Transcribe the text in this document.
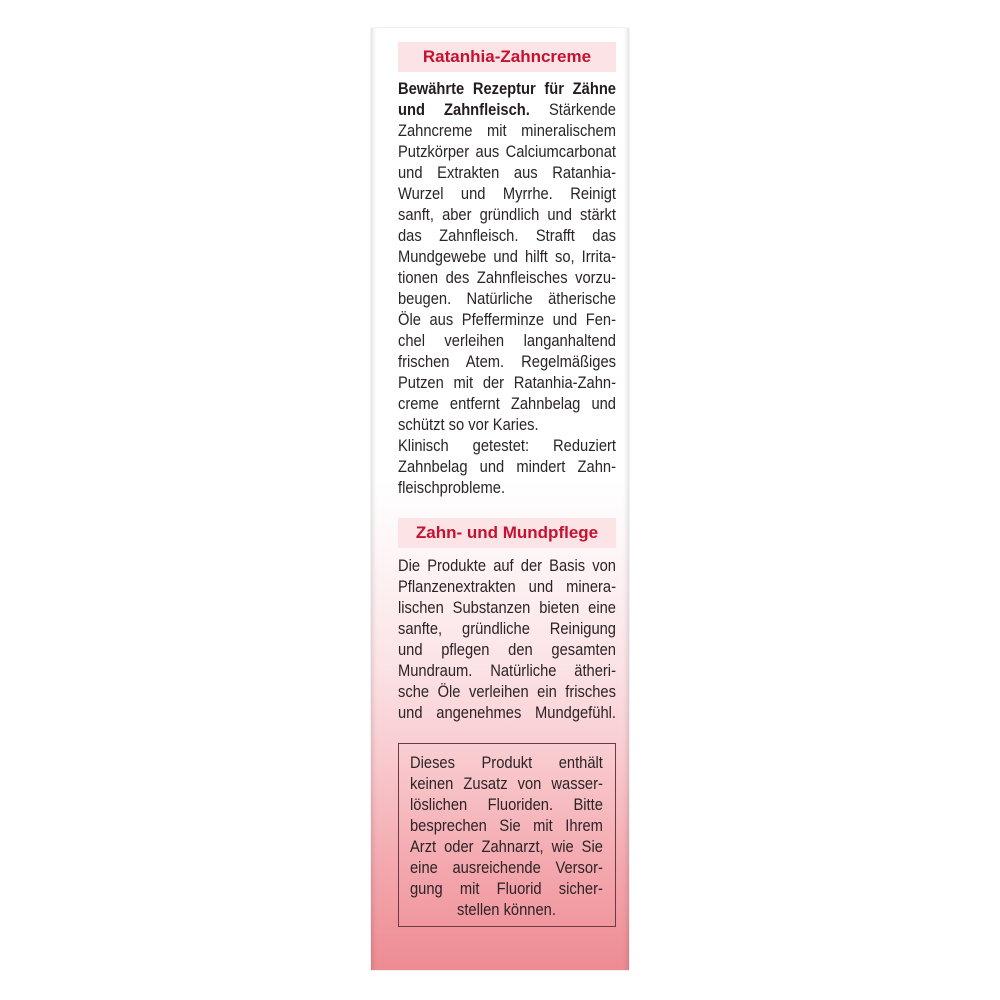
Ratanhia-Zahncreme
Bewährte Rezeptur für Zähne
und Zahnfleisch. Stärkende
Zahncreme mit mineralischem
Putzkörper aus Calciumcarbonat
und Extrakten aus Ratanhia-
Wurzel und Myrrhe. Reinigt
sanft, aber gründlich und stärkt
das Zahnfleisch. Strafft das
Mundgewebe und hilft so, Irrita-
tionen des Zahnfleisches vorzu-
beugen. Natürliche ätherische
Öle aus Pfefferminze und Fen-
chel verleihen langanhaltend
frischen Atem. Regelmäßiges
Putzen mit der Ratanhia-Zahn-
creme entfernt Zahnbelag und
schützt so vor Karies.
Klinisch getestet: Reduziert
Zahnbelag und mindert Zahn-
fleischprobleme.
Zahn- und Mundpflege
Die Produkte auf der Basis von
Pflanzenextrakten und minera-
lischen Substanzen bieten eine
sanfte, gründliche Reinigung
und pflegen den gesamten
Mundraum. Natürliche ätheri-
sche Öle verleihen ein frisches
und angenehmes Mundgefühl.
Dieses Produkt enthält
keinen Zusatz von wasser-
löslichen Fluoriden. Bitte
besprechen Sie mit Ihrem
Arzt oder Zahnarzt, wie Sie
eine ausreichende Versor-
gung mit Fluorid sicher-
stellen können.
